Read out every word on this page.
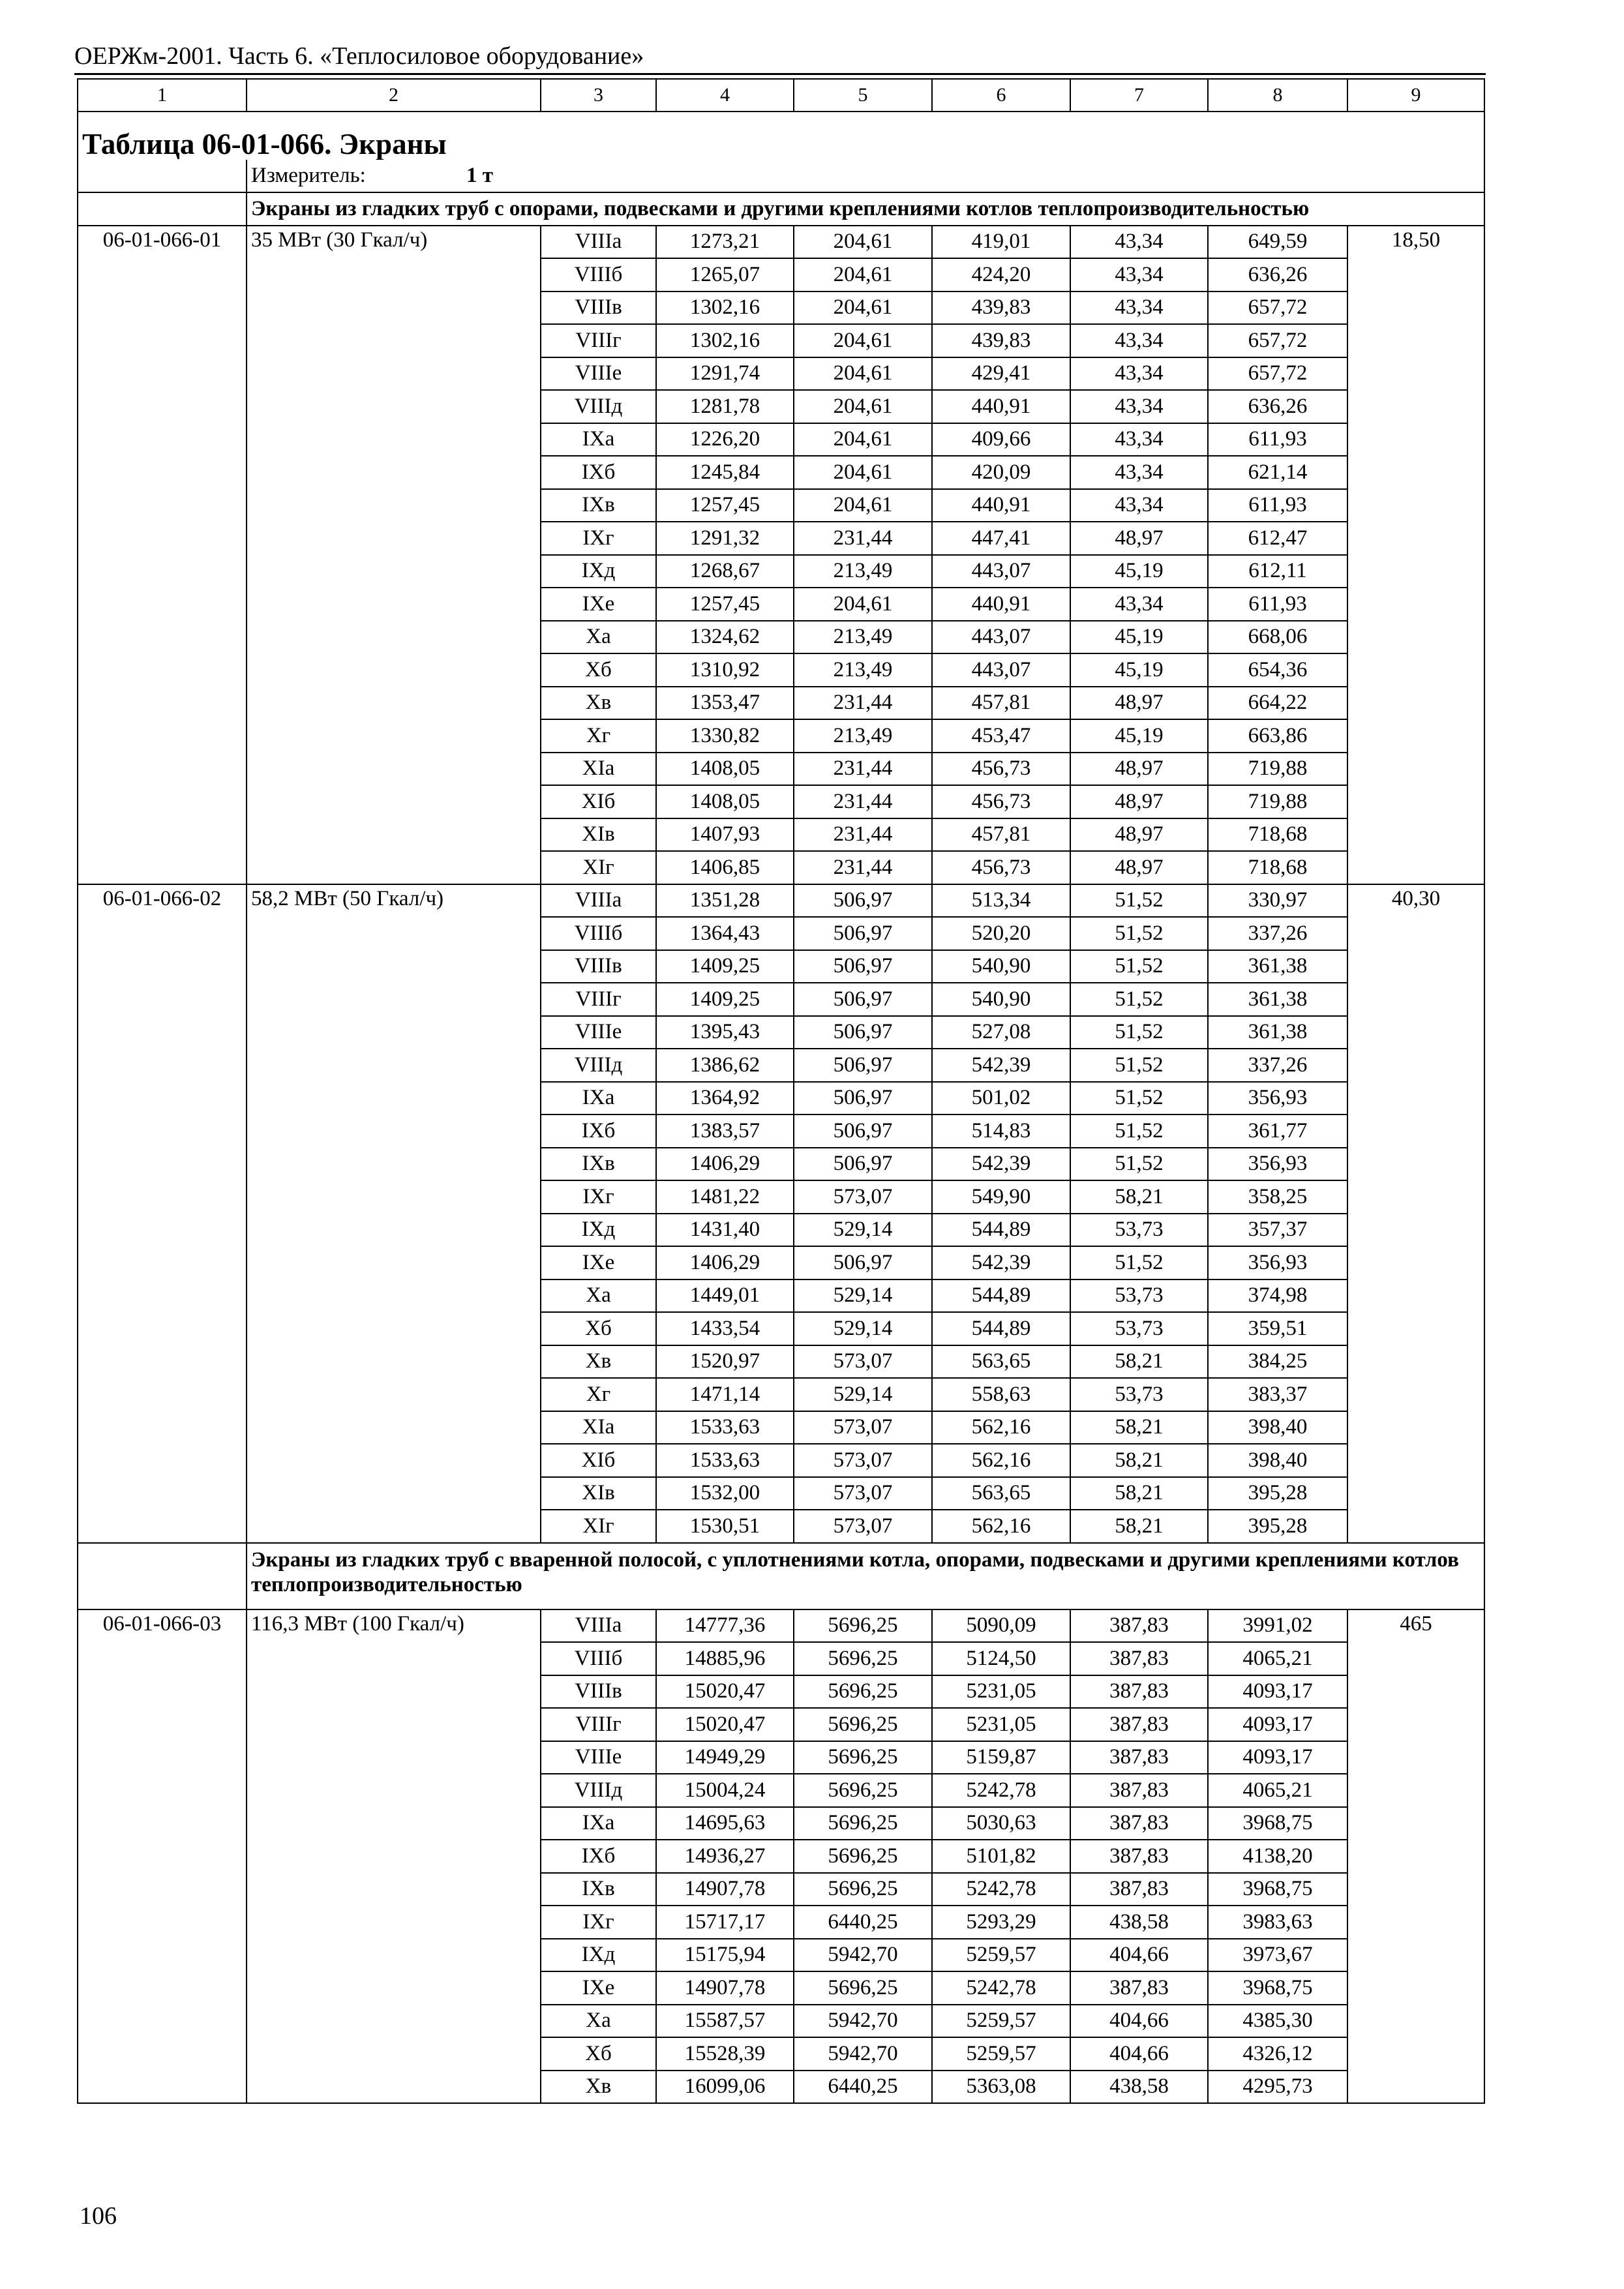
ОЕРЖм-2001. Часть 6. «Теплосиловое оборудование»
1	2	3	4	5	6	7	8	9
Таблица 06-01-066. Экраны								
	Измеритель: 1 т							
	Экраны из гладких труб с опорами, подвесками и другими креплениями котлов теплопроизводительностью							
06-01-066-01	35 МВт (30 Гкал/ч)	VIIIа	1273,21	204,61	419,01	43,34	649,59	18,50
		VIIIб	1265,07	204,61	424,20	43,34	636,26	
		VIIIв	1302,16	204,61	439,83	43,34	657,72	
		VIIIг	1302,16	204,61	439,83	43,34	657,72	
		VIIIе	1291,74	204,61	429,41	43,34	657,72	
		VIIIд	1281,78	204,61	440,91	43,34	636,26	
		IХа	1226,20	204,61	409,66	43,34	611,93	
		IХб	1245,84	204,61	420,09	43,34	621,14	
		IХв	1257,45	204,61	440,91	43,34	611,93	
		IХг	1291,32	231,44	447,41	48,97	612,47	
		IХд	1268,67	213,49	443,07	45,19	612,11	
		IХе	1257,45	204,61	440,91	43,34	611,93	
		Ха	1324,62	213,49	443,07	45,19	668,06	
		Хб	1310,92	213,49	443,07	45,19	654,36	
		Хв	1353,47	231,44	457,81	48,97	664,22	
		Хг	1330,82	213,49	453,47	45,19	663,86	
		ХIа	1408,05	231,44	456,73	48,97	719,88	
		ХIб	1408,05	231,44	456,73	48,97	719,88	
		ХIв	1407,93	231,44	457,81	48,97	718,68	
		ХIг	1406,85	231,44	456,73	48,97	718,68	
06-01-066-02	58,2 МВт (50 Гкал/ч)	VIIIа	1351,28	506,97	513,34	51,52	330,97	40,30
		VIIIб	1364,43	506,97	520,20	51,52	337,26	
		VIIIв	1409,25	506,97	540,90	51,52	361,38	
		VIIIг	1409,25	506,97	540,90	51,52	361,38	
		VIIIе	1395,43	506,97	527,08	51,52	361,38	
		VIIIд	1386,62	506,97	542,39	51,52	337,26	
		IХа	1364,92	506,97	501,02	51,52	356,93	
		IХб	1383,57	506,97	514,83	51,52	361,77	
		IХв	1406,29	506,97	542,39	51,52	356,93	
		IХг	1481,22	573,07	549,90	58,21	358,25	
		IХд	1431,40	529,14	544,89	53,73	357,37	
		IХе	1406,29	506,97	542,39	51,52	356,93	
		Ха	1449,01	529,14	544,89	53,73	374,98	
		Хб	1433,54	529,14	544,89	53,73	359,51	
		Хв	1520,97	573,07	563,65	58,21	384,25	
		Хг	1471,14	529,14	558,63	53,73	383,37	
		ХIа	1533,63	573,07	562,16	58,21	398,40	
		ХIб	1533,63	573,07	562,16	58,21	398,40	
		ХIв	1532,00	573,07	563,65	58,21	395,28	
		ХIг	1530,51	573,07	562,16	58,21	395,28	
	Экраны из гладких труб с вваренной полосой, с уплотнениями котла, опорами, подвесками и другими креплениями котлов теплопроизводительностью							
06-01-066-03	116,3 МВт (100 Гкал/ч)	VIIIа	14777,36	5696,25	5090,09	387,83	3991,02	465
		VIIIб	14885,96	5696,25	5124,50	387,83	4065,21	
		VIIIв	15020,47	5696,25	5231,05	387,83	4093,17	
		VIIIг	15020,47	5696,25	5231,05	387,83	4093,17	
		VIIIе	14949,29	5696,25	5159,87	387,83	4093,17	
		VIIIд	15004,24	5696,25	5242,78	387,83	4065,21	
		IХа	14695,63	5696,25	5030,63	387,83	3968,75	
		IХб	14936,27	5696,25	5101,82	387,83	4138,20	
		IХв	14907,78	5696,25	5242,78	387,83	3968,75	
		IХг	15717,17	6440,25	5293,29	438,58	3983,63	
		IХд	15175,94	5942,70	5259,57	404,66	3973,67	
		IХе	14907,78	5696,25	5242,78	387,83	3968,75	
		Ха	15587,57	5942,70	5259,57	404,66	4385,30	
		Хб	15528,39	5942,70	5259,57	404,66	4326,12	
		Хв	16099,06	6440,25	5363,08	438,58	4295,73	
106
